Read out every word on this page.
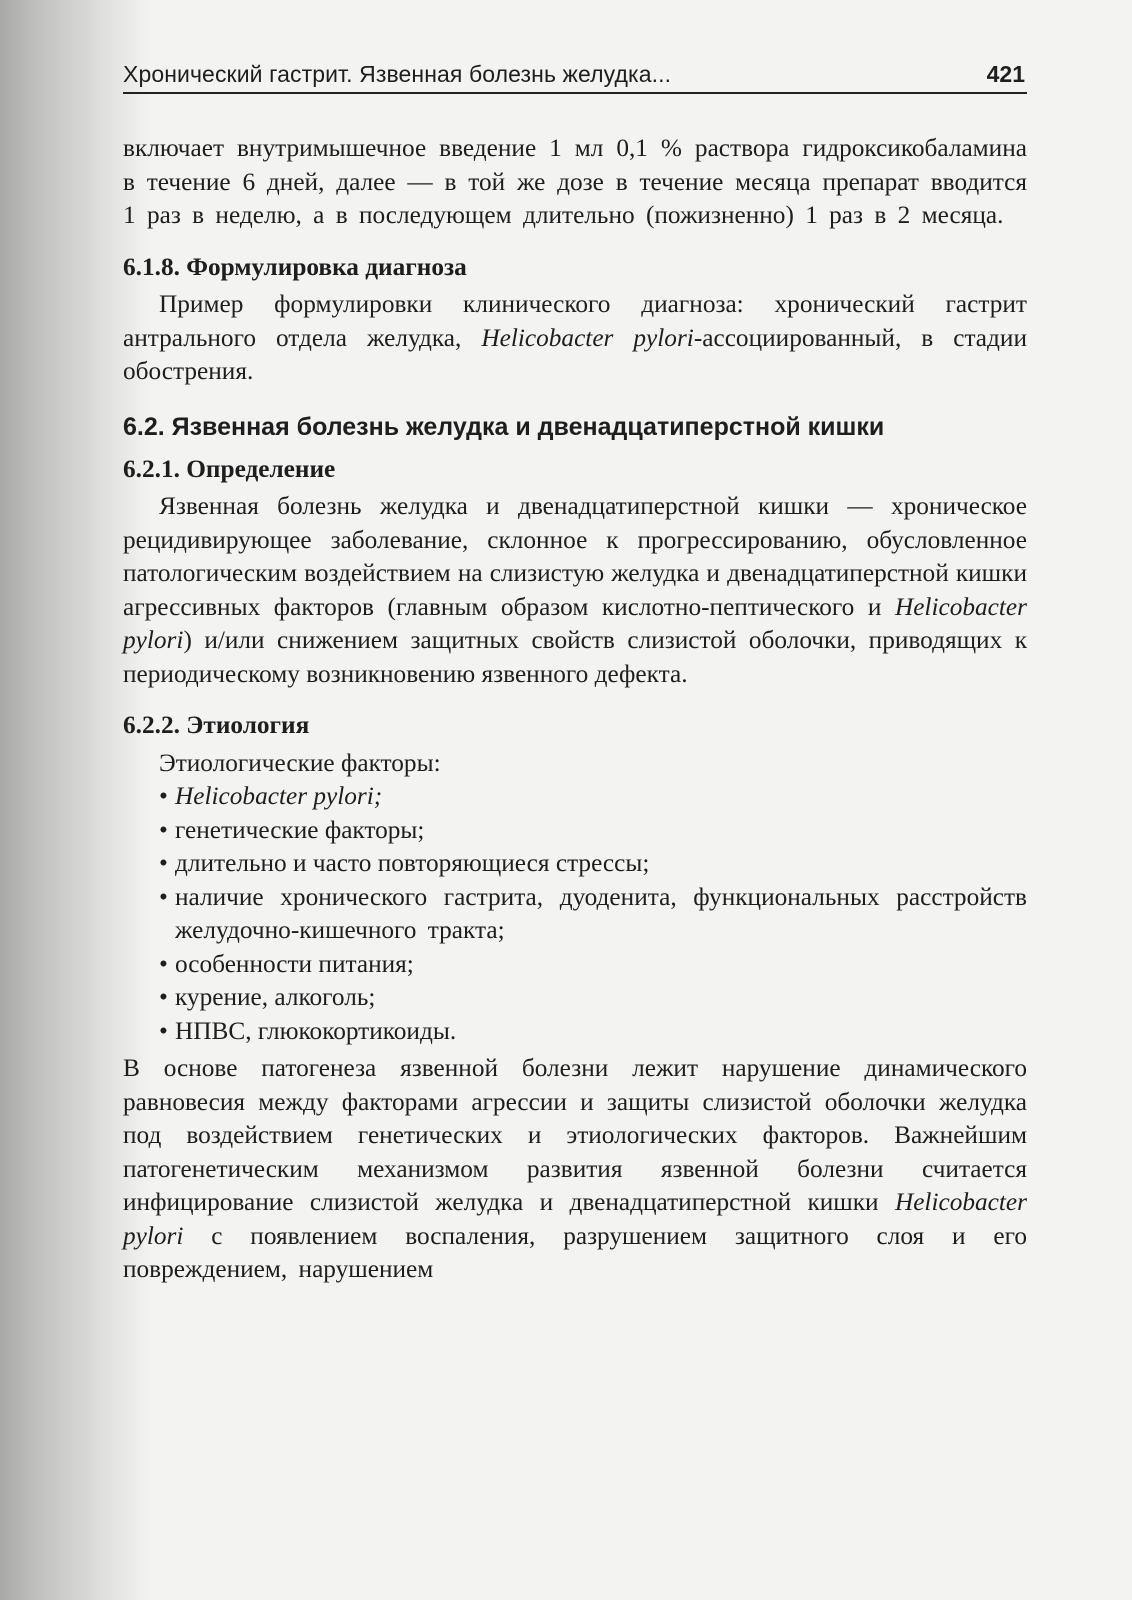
Хронический гастрит. Язвенная болезнь желудка...	421

включает внутримышечное введение 1 мл 0,1 % раствора гидроксикобаламина в течение 6 дней, далее — в той же дозе в течение месяца препарат вводится 1 раз в неделю, а в последующем длительно (пожизненно) 1 раз в 2 месяца.

6.1.8. Формулировка диагноза

Пример формулировки клинического диагноза: хронический гастрит антрального отдела желудка, Helicobacter pylori-ассоциированный, в стадии обострения.

6.2. Язвенная болезнь желудка и двенадцатиперстной кишки
6.2.1. Определение

Язвенная болезнь желудка и двенадцатиперстной кишки — хроническое рецидивирующее заболевание, склонное к прогрессированию, обусловленное патологическим воздействием на слизистую желудка и двенадцатиперстной кишки агрессивных факторов (главным образом кислотно-пептического и Helicobacter pylori) и/или снижением защитных свойств слизистой оболочки, приводящих к периодическому возникновению язвенного дефекта.

6.2.2. Этиология

Этиологические факторы:

• Helicobacter pylori;
• генетические факторы;
• длительно и часто повторяющиеся стрессы;
• наличие хронического гастрита, дуоденита, функциональных расстройств желудочно-кишечного тракта;
• особенности питания;
• курение, алкоголь;
• НПВС, глюкокортикоиды.

В основе патогенеза язвенной болезни лежит нарушение динамического равновесия между факторами агрессии и защиты слизистой оболочки желудка под воздействием генетических и этиологических факторов. Важнейшим патогенетическим механизмом развития язвенной болезни считается инфицирование слизистой желудка и двенадцатиперстной кишки Helicobacter pylori с появлением воспаления, разрушением защитного слоя и его повреждением, нарушением
